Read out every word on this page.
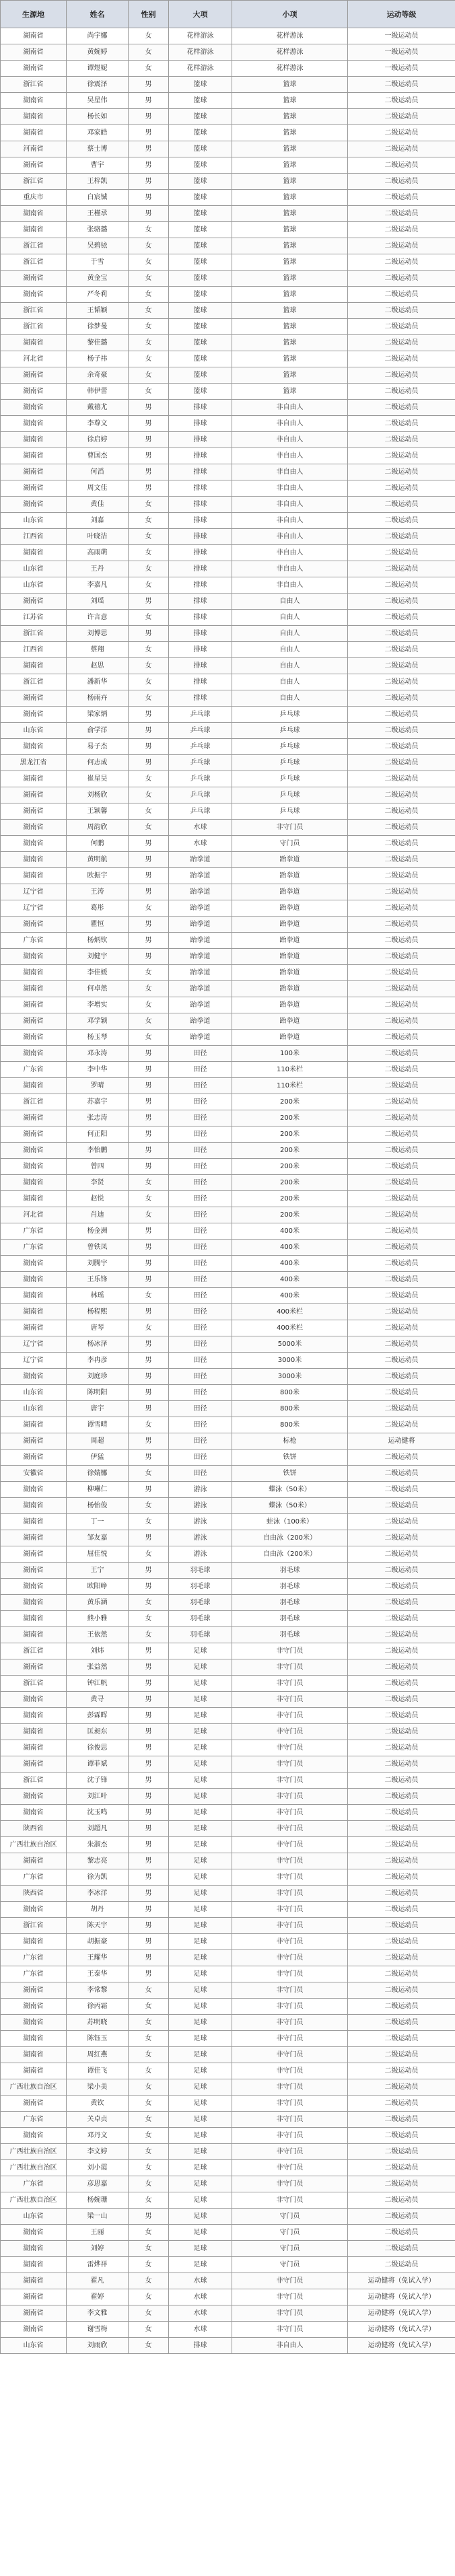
生源地	姓名	性别	大项	小项	运动等级
湖南省	尚宇娜	女	花样游泳	花样游泳	一级运动员
湖南省	黄婉婷	女	花样游泳	花样游泳	一级运动员
湖南省	谭煜妮	女	花样游泳	花样游泳	一级运动员
浙江省	徐震泽	男	篮球	篮球	二级运动员
湖南省	吴星伟	男	篮球	篮球	二级运动员
湖南省	杨长如	男	篮球	篮球	二级运动员
湖南省	邓家皓	男	篮球	篮球	二级运动员
河南省	蔡士博	男	篮球	篮球	二级运动员
湖南省	曹宇	男	篮球	篮球	二级运动员
浙江省	王梓凯	男	篮球	篮球	二级运动员
重庆市	白宸铖	男	篮球	篮球	二级运动员
湖南省	王槿承	男	篮球	篮球	二级运动员
湖南省	张骆璐	女	篮球	篮球	二级运动员
浙江省	吴碧铱	女	篮球	篮球	二级运动员
浙江省	于雪	女	篮球	篮球	二级运动员
湖南省	黄金宝	女	篮球	篮球	二级运动员
湖南省	严冬莉	女	篮球	篮球	二级运动员
浙江省	王韬颖	女	篮球	篮球	二级运动员
浙江省	徐梦曼	女	篮球	篮球	二级运动员
湖南省	黎佳璐	女	篮球	篮球	二级运动员
河北省	杨子祎	女	篮球	篮球	二级运动员
湖南省	余奇豪	女	篮球	篮球	二级运动员
湖南省	韩伊蕾	女	篮球	篮球	二级运动员
湖南省	戴禧尤	男	排球	非自由人	二级运动员
湖南省	李尊文	男	排球	非自由人	二级运动员
湖南省	徐启婷	男	排球	非自由人	二级运动员
湖南省	曹国杰	男	排球	非自由人	二级运动员
湖南省	何滔	男	排球	非自由人	二级运动员
湖南省	周文佳	男	排球	非自由人	二级运动员
湖南省	黄佳	女	排球	非自由人	二级运动员
山东省	刘嘉	女	排球	非自由人	二级运动员
江西省	叶晓洁	女	排球	非自由人	二级运动员
湖南省	高雨萌	女	排球	非自由人	二级运动员
山东省	王丹	女	排球	非自由人	二级运动员
山东省	李嘉凡	女	排球	非自由人	二级运动员
湖南省	刘瑶	男	排球	自由人	二级运动员
江苏省	许言意	女	排球	自由人	二级运动员
浙江省	刘博思	男	排球	自由人	二级运动员
江西省	蔡翔	女	排球	自由人	二级运动员
湖南省	赵思	女	排球	自由人	二级运动员
浙江省	潘新华	女	排球	自由人	二级运动员
湖南省	杨雨卉	女	排球	自由人	二级运动员
湖南省	梁家炳	男	乒乓球	乒乓球	二级运动员
山东省	俞学洋	男	乒乓球	乒乓球	二级运动员
湖南省	易子杰	男	乒乓球	乒乓球	二级运动员
黑龙江省	何志成	男	乒乓球	乒乓球	二级运动员
湖南省	崔星昊	女	乒乓球	乒乓球	二级运动员
湖南省	刘杨欣	女	乒乓球	乒乓球	二级运动员
湖南省	王颖馨	女	乒乓球	乒乓球	二级运动员
湖南省	周韵欣	女	水球	非守门员	二级运动员
湖南省	何鹏	男	水球	守门员	二级运动员
湖南省	黄明航	男	跆拳道	跆拳道	二级运动员
湖南省	欧振宇	男	跆拳道	跆拳道	二级运动员
辽宁省	王涛	男	跆拳道	跆拳道	二级运动员
辽宁省	葛彤	女	跆拳道	跆拳道	二级运动员
湖南省	瞿恒	男	跆拳道	跆拳道	二级运动员
广东省	杨炳钦	男	跆拳道	跆拳道	二级运动员
湖南省	刘健宇	男	跆拳道	跆拳道	二级运动员
湖南省	李佳媛	女	跆拳道	跆拳道	二级运动员
湖南省	何卓然	女	跆拳道	跆拳道	二级运动员
湖南省	李增实	女	跆拳道	跆拳道	二级运动员
湖南省	邓学颖	女	跆拳道	跆拳道	二级运动员
湖南省	杨玉琴	女	跆拳道	跆拳道	二级运动员
湖南省	邓永涛	男	田径	100米	二级运动员
广东省	李中华	男	田径	110米栏	二级运动员
湖南省	罗晴	男	田径	110米栏	二级运动员
浙江省	苏嘉宇	男	田径	200米	二级运动员
湖南省	张志涛	男	田径	200米	二级运动员
湖南省	何正阳	男	田径	200米	二级运动员
湖南省	李怡鹏	男	田径	200米	二级运动员
湖南省	曾四	男	田径	200米	二级运动员
湖南省	李贤	女	田径	200米	二级运动员
湖南省	赵悦	女	田径	200米	二级运动员
河北省	肖迪	女	田径	200米	二级运动员
广东省	杨金洲	男	田径	400米	二级运动员
广东省	曾铁凤	男	田径	400米	二级运动员
湖南省	刘腾宇	男	田径	400米	二级运动员
湖南省	王乐锋	男	田径	400米	二级运动员
湖南省	林瑶	女	田径	400米	二级运动员
湖南省	杨程熙	男	田径	400米栏	二级运动员
湖南省	唐琴	女	田径	400米栏	二级运动员
辽宁省	杨冰泽	男	田径	5000米	二级运动员
辽宁省	李冉彦	男	田径	3000米	二级运动员
湖南省	刘庭珍	男	田径	3000米	二级运动员
山东省	陈明阳	男	田径	800米	二级运动员
山东省	唐宇	男	田径	800米	二级运动员
湖南省	谭雪晴	女	田径	800米	二级运动员
湖南省	周超	男	田径	标枪	运动健将
湖南省	伊猛	男	田径	铁饼	二级运动员
安徽省	徐婧娜	女	田径	铁饼	二级运动员
湖南省	柳琳仁	男	游泳	蝶泳（50米）	二级运动员
湖南省	杨怡俊	女	游泳	蝶泳（50米）	二级运动员
湖南省	丁一	女	游泳	蛙泳（100米）	二级运动员
湖南省	邹友嘉	男	游泳	自由泳（200米）	二级运动员
湖南省	屈佳悦	女	游泳	自由泳（200米）	二级运动员
湖南省	王宁	男	羽毛球	羽毛球	二级运动员
湖南省	欧阳峥	男	羽毛球	羽毛球	二级运动员
湖南省	黄乐涵	女	羽毛球	羽毛球	二级运动员
湖南省	熊小雅	女	羽毛球	羽毛球	二级运动员
湖南省	王依然	女	羽毛球	羽毛球	二级运动员
浙江省	刘炜	男	足球	非守门员	二级运动员
湖南省	张益然	男	足球	非守门员	二级运动员
浙江省	钟江帆	男	足球	非守门员	二级运动员
湖南省	黄寻	男	足球	非守门员	二级运动员
湖南省	彭霖晖	男	足球	非守门员	二级运动员
湖南省	匡昶东	男	足球	非守门员	二级运动员
湖南省	徐俊思	男	足球	非守门员	二级运动员
湖南省	谭菲斌	男	足球	非守门员	二级运动员
浙江省	沈子锋	男	足球	非守门员	二级运动员
湖南省	刘江叶	男	足球	非守门员	二级运动员
湖南省	沈玉鸣	男	足球	非守门员	二级运动员
陕西省	刘超凡	男	足球	非守门员	二级运动员
广西壮族自治区	朱淑杰	男	足球	非守门员	二级运动员
湖南省	黎志亮	男	足球	非守门员	二级运动员
广东省	徐为凯	男	足球	非守门员	二级运动员
陕西省	李冰洋	男	足球	非守门员	二级运动员
湖南省	胡丹	男	足球	非守门员	二级运动员
浙江省	陈天宇	男	足球	非守门员	二级运动员
湖南省	胡振豪	男	足球	非守门员	二级运动员
广东省	王耀华	男	足球	非守门员	二级运动员
广东省	王泰华	男	足球	非守门员	二级运动员
湖南省	李常黎	女	足球	非守门员	二级运动员
湖南省	徐丙霜	女	足球	非守门员	二级运动员
湖南省	苏明晓	女	足球	非守门员	二级运动员
湖南省	陈钰玉	女	足球	非守门员	二级运动员
湖南省	周红燕	女	足球	非守门员	二级运动员
湖南省	谭佳飞	女	足球	非守门员	二级运动员
广西壮族自治区	梁小美	女	足球	非守门员	二级运动员
湖南省	黄钦	女	足球	非守门员	二级运动员
广东省	关卓贞	女	足球	非守门员	二级运动员
湖南省	邓丹文	女	足球	非守门员	二级运动员
广西壮族自治区	李文婷	女	足球	非守门员	二级运动员
广西壮族自治区	刘小霞	女	足球	非守门员	二级运动员
广东省	彦思嘉	女	足球	非守门员	二级运动员
广西壮族自治区	杨婉珊	女	足球	非守门员	二级运动员
山东省	梁一山	男	足球	守门员	二级运动员
湖南省	王丽	女	足球	守门员	二级运动员
湖南省	刘婷	女	足球	守门员	二级运动员
湖南省	雷烨祥	女	足球	守门员	二级运动员
湖南省	翟凡	女	水球	非守门员	运动健将（免试入学）
湖南省	翟婷	女	水球	非守门员	运动健将（免试入学）
湖南省	李文雅	女	水球	非守门员	运动健将（免试入学）
湖南省	谢雪梅	女	水球	非守门员	运动健将（免试入学）
山东省	刘雨欣	女	排球	非自由人	运动健将（免试入学）
